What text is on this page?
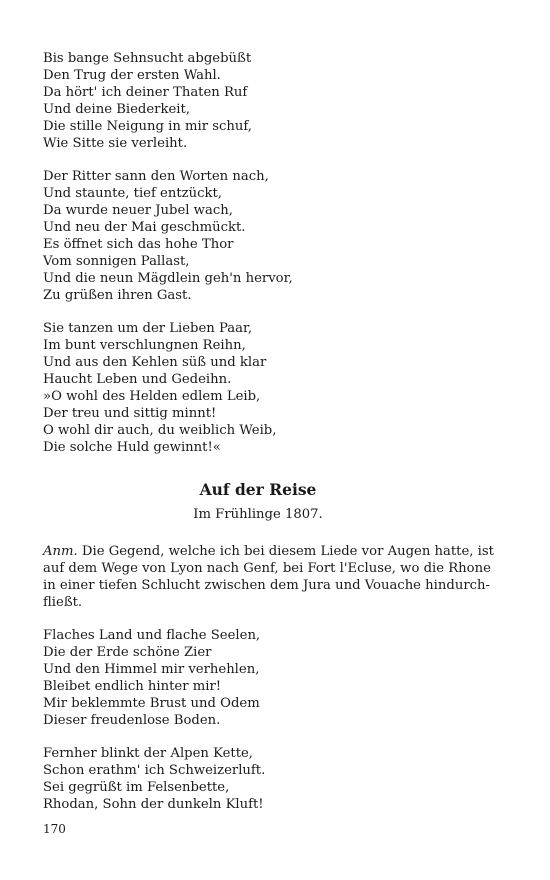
Bis bange Sehnsucht abgebüßt
Den Trug der ersten Wahl.
Da hört' ich deiner Thaten Ruf
Und deine Biederkeit,
Die stille Neigung in mir schuf,
Wie Sitte sie verleiht.
Der Ritter sann den Worten nach,
Und staunte, tief entzückt,
Da wurde neuer Jubel wach,
Und neu der Mai geschmückt.
Es öffnet sich das hohe Thor
Vom sonnigen Pallast,
Und die neun Mägdlein geh'n hervor,
Zu grüßen ihren Gast.
Sie tanzen um der Lieben Paar,
Im bunt verschlungnen Reihn,
Und aus den Kehlen süß und klar
Haucht Leben und Gedeihn.
»O wohl des Helden edlem Leib,
Der treu und sittig minnt!
O wohl dir auch, du weiblich Weib,
Die solche Huld gewinnt!«
Auf der Reise
Im Frühlinge 1807.
Anm. Die Gegend, welche ich bei diesem Liede vor Augen hatte, ist
auf dem Wege von Lyon nach Genf, bei Fort l'Ecluse, wo die Rhone
in einer tiefen Schlucht zwischen dem Jura und Vouache hindurch-
fließt.
Flaches Land und flache Seelen,
Die der Erde schöne Zier
Und den Himmel mir verhehlen,
Bleibet endlich hinter mir!
Mir beklemmte Brust und Odem
Dieser freudenlose Boden.
Fernher blinkt der Alpen Kette,
Schon erathm' ich Schweizerluft.
Sei gegrüßt im Felsenbette,
Rhodan, Sohn der dunkeln Kluft!
170
